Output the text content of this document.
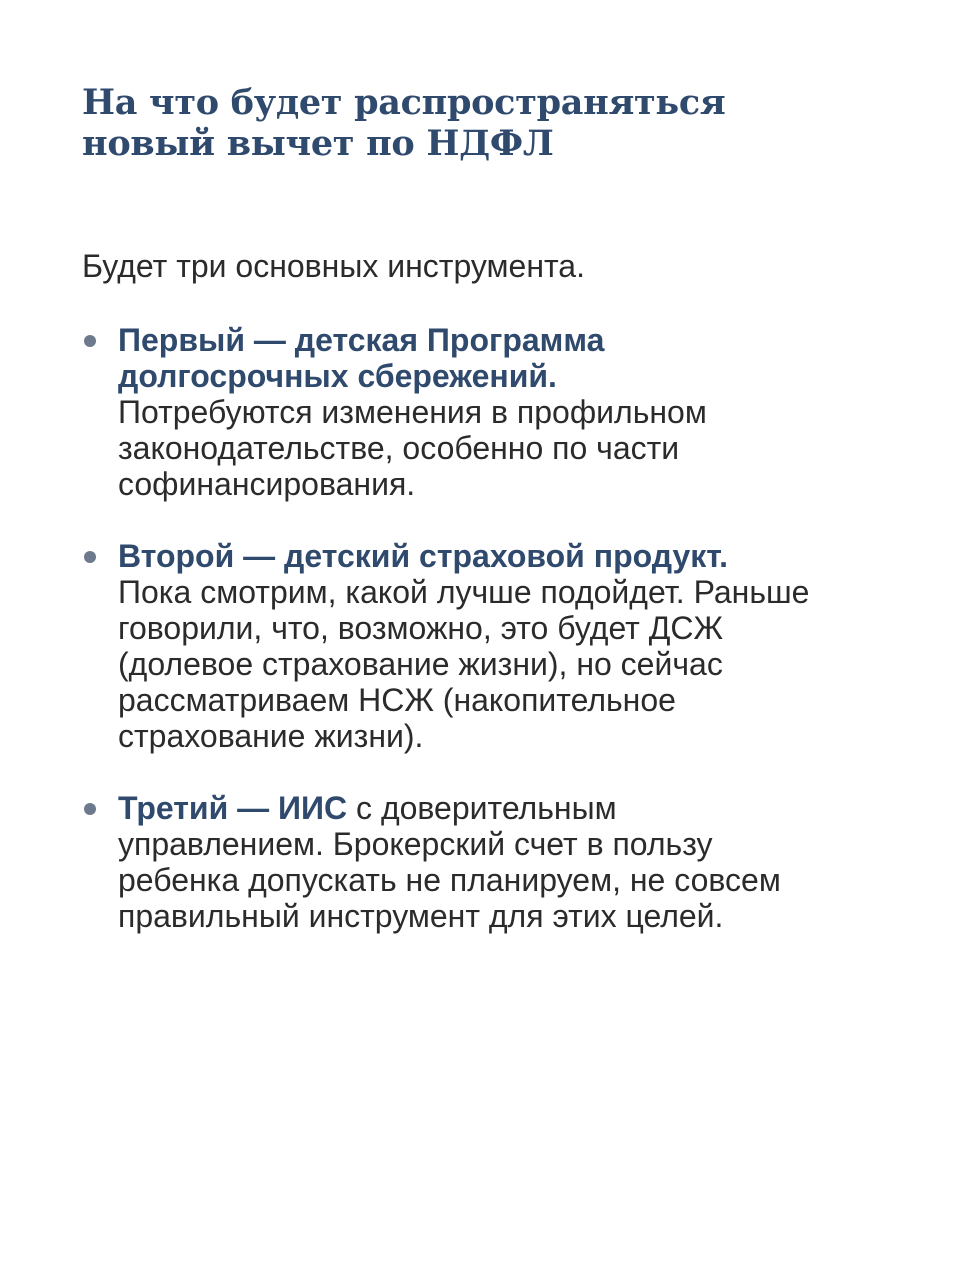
На что будет распространяться
новый вычет по НДФЛ

Будет три основных инструмента.

Первый — детская Программа долгосрочных сбережений.
Потребуются изменения в профильном законодательстве, особенно по части софинансирования.
Второй — детский страховой продукт.
Пока смотрим, какой лучше подойдет. Раньше говорили, что, возможно, это будет ДСЖ (долевое страхование жизни), но сейчас рассматриваем НСЖ (накопительное страхование жизни).
Третий — ИИС с доверительным управлением. Брокерский счет в пользу ребенка допускать не планируем, не совсем правильный инструмент для этих целей.
